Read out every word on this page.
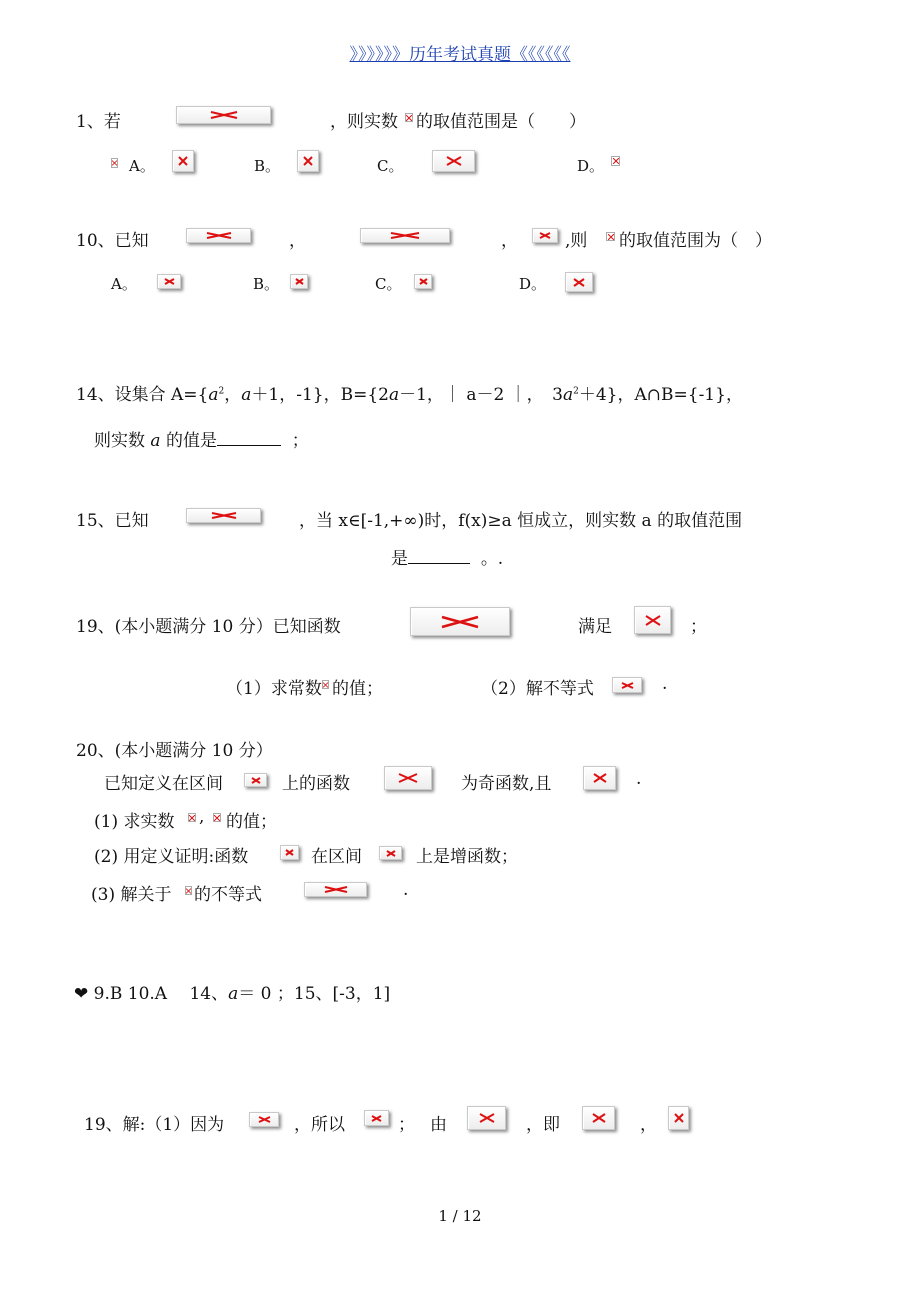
》》》》》》历年考试真题《《《《《《
1、若	，则实数 的取值范围是（　　）
A。	B。	C。	D。
10、已知	，	，	,则 的取值范围为（　）
A。	B。	C。	D。
14、设集合 $A=\{a^2$，a＋1，-1}，B={2a－1，｜ a－2 ｜，　$3a^2+4$}，A∩B={-1}，
则实数 a 的值是	；
15、已知	，当 x∈[-1,+∞)时，f(x)≥a 恒成立，则实数 a 的取值范围
是	。.
19、(本小题满分 10 分）已知函数	满足	；
（1）求常数 的值；	（2）解不等式	.
20、(本小题满分 10 分）
已知定义在区间	上的函数	为奇函数,且	.
(1) 求实数 , 的值；
(2) 用定义证明:函数	在区间	上是增函数；
(3) 解关于 的不等式	.
❤ 9.B 10.A　 14、a＝ 0 ；15、[-3，1]
19、解:（1）因为	，所以	； 由	，即	，
1 / 12
